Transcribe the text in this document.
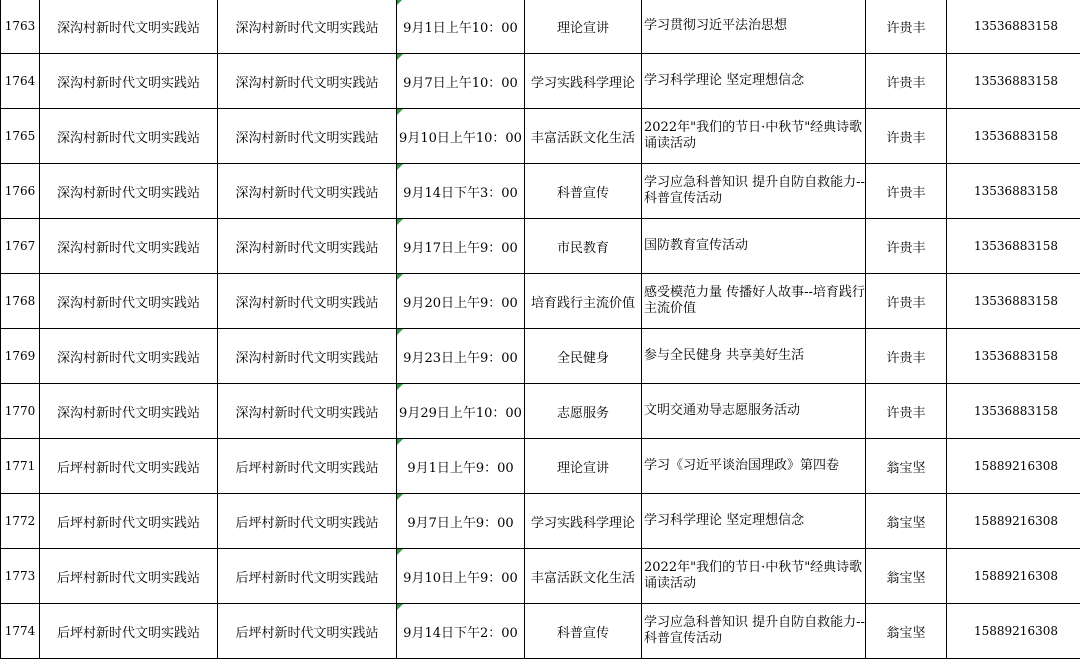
1763	深沟村新时代文明实践站	深沟村新时代文明实践站	9月1日上午10：00	理论宣讲	学习贯彻习近平法治思想	许贵丰	13536883158
1764	深沟村新时代文明实践站	深沟村新时代文明实践站	9月7日上午10：00	学习实践科学理论	学习科学理论 坚定理想信念	许贵丰	13536883158
1765	深沟村新时代文明实践站	深沟村新时代文明实践站	9月10日上午10：00	丰富活跃文化生活	2022年"我们的节日·中秋节"经典诗歌诵读活动	许贵丰	13536883158
1766	深沟村新时代文明实践站	深沟村新时代文明实践站	9月14日下午3：00	科普宣传	学习应急科普知识 提升自防自救能力--科普宣传活动	许贵丰	13536883158
1767	深沟村新时代文明实践站	深沟村新时代文明实践站	9月17日上午9：00	市民教育	国防教育宣传活动	许贵丰	13536883158
1768	深沟村新时代文明实践站	深沟村新时代文明实践站	9月20日上午9：00	培育践行主流价值	感受模范力量 传播好人故事--培育践行主流价值	许贵丰	13536883158
1769	深沟村新时代文明实践站	深沟村新时代文明实践站	9月23日上午9：00	全民健身	参与全民健身 共享美好生活	许贵丰	13536883158
1770	深沟村新时代文明实践站	深沟村新时代文明实践站	9月29日上午10：00	志愿服务	文明交通劝导志愿服务活动	许贵丰	13536883158
1771	后坪村新时代文明实践站	后坪村新时代文明实践站	9月1日上午9：00	理论宣讲	学习《习近平谈治国理政》第四卷	翁宝坚	15889216308
1772	后坪村新时代文明实践站	后坪村新时代文明实践站	9月7日上午9：00	学习实践科学理论	学习科学理论 坚定理想信念	翁宝坚	15889216308
1773	后坪村新时代文明实践站	后坪村新时代文明实践站	9月10日上午9：00	丰富活跃文化生活	2022年"我们的节日·中秋节"经典诗歌诵读活动	翁宝坚	15889216308
1774	后坪村新时代文明实践站	后坪村新时代文明实践站	9月14日下午2：00	科普宣传	学习应急科普知识 提升自防自救能力--科普宣传活动	翁宝坚	15889216308
